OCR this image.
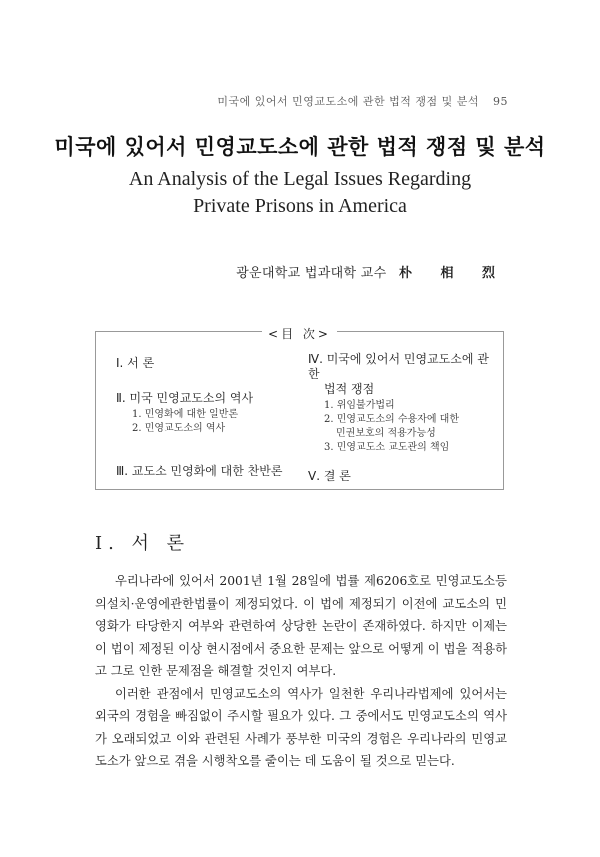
미국에 있어서 민영교도소에 관한 법적 쟁점 및 분석 95
미국에 있어서 민영교도소에 관한 법적 쟁점 및 분석
An Analysis of the Legal Issues Regarding
Private Prisons in America
광운대학교 법과대학 교수 朴 相 烈
<目 次>
Ⅰ. 서 론
Ⅱ. 미국 민영교도소의 역사
1. 민영화에 대한 일반론
2. 민영교도소의 역사
Ⅲ. 교도소 민영화에 대한 찬반론
Ⅳ. 미국에 있어서 민영교도소에 관한
법적 쟁점
1. 위임불가법리
2. 민영교도소의 수용자에 대한
민권보호의 적용가능성
3. 민영교도소 교도관의 책임
Ⅴ. 결 론
Ⅰ. 서 론

우리나라에 있어서 2001년 1월 28일에 법률 제6206호로 민영교도소등의설치·운영에관한법률이 제정되었다. 이 법에 제정되기 이전에 교도소의 민영화가 타당한지 여부와 관련하여 상당한 논란이 존재하였다. 하지만 이제는 이 법이 제정된 이상 현시점에서 중요한 문제는 앞으로 어떻게 이 법을 적용하고 그로 인한 문제점을 해결할 것인지 여부다.

이러한 관점에서 민영교도소의 역사가 일천한 우리나라법제에 있어서는 외국의 경험을 빠짐없이 주시할 필요가 있다. 그 중에서도 민영교도소의 역사가 오래되었고 이와 관련된 사례가 풍부한 미국의 경험은 우리나라의 민영교도소가 앞으로 겪을 시행착오를 줄이는 데 도움이 될 것으로 믿는다.
